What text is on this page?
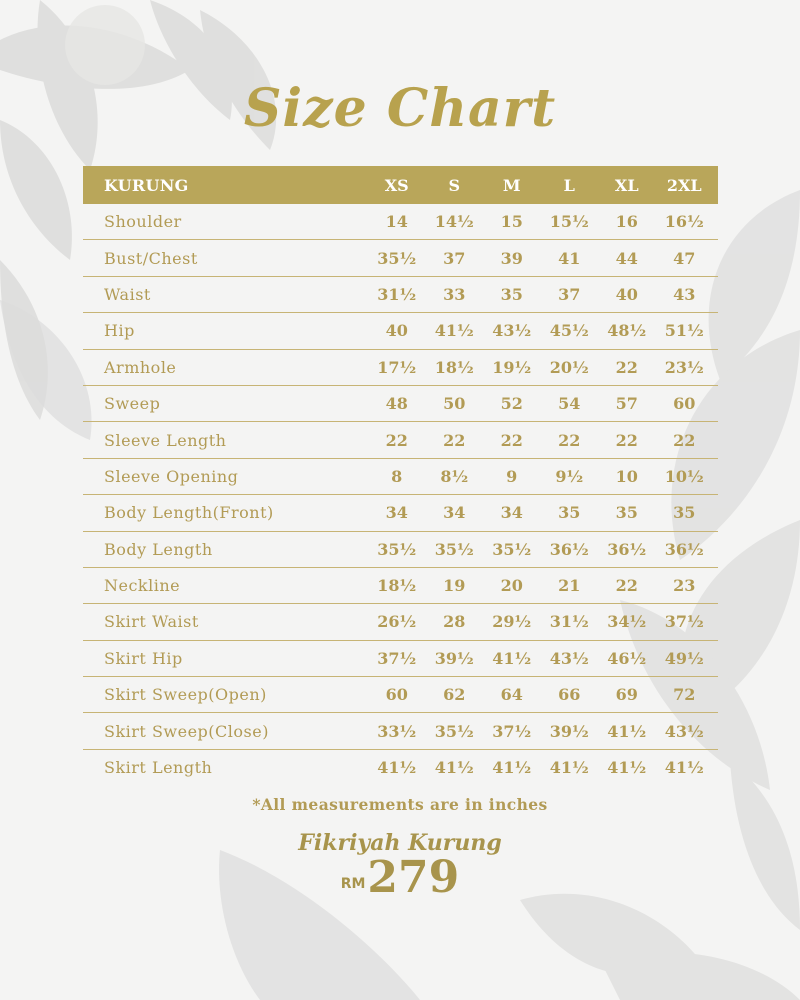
Size Chart
KURUNG	XS	S	M	L	XL	2XL
Shoulder	14	14½	15	15½	16	16½
Bust/Chest	35½	37	39	41	44	47
Waist	31½	33	35	37	40	43
Hip	40	41½	43½	45½	48½	51½
Armhole	17½	18½	19½	20½	22	23½
Sweep	48	50	52	54	57	60
Sleeve Length	22	22	22	22	22	22
Sleeve Opening	8	8½	9	9½	10	10½
Body Length(Front)	34	34	34	35	35	35
Body Length	35½	35½	35½	36½	36½	36½
Neckline	18½	19	20	21	22	23
Skirt Waist	26½	28	29½	31½	34½	37½
Skirt Hip	37½	39½	41½	43½	46½	49½
Skirt Sweep(Open)	60	62	64	66	69	72
Skirt Sweep(Close)	33½	35½	37½	39½	41½	43½
Skirt Length	41½	41½	41½	41½	41½	41½
*All measurements are in inches
Fikriyah Kurung
RM279
